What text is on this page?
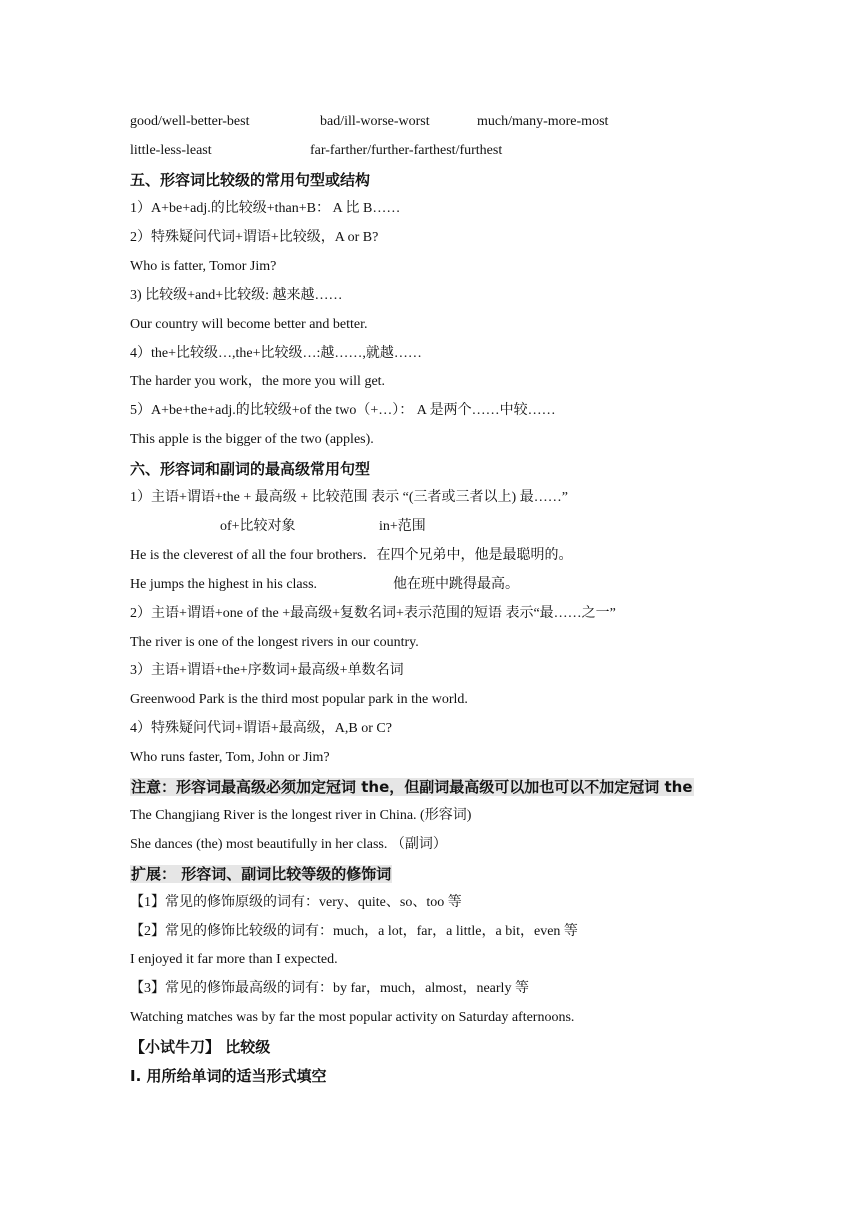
good/well-better-best	bad/ill-worse-worst	much/many-more-most
little-less-least	far-farther/further-farthest/furthest
五、形容词比较级的常用句型或结构
1）A+be+adj.的比较级+than+B： A 比 B……
2）特殊疑问代词+谓语+比较级，A or B?
Who is fatter, Tomor Jim?
3) 比较级+and+比较级: 越来越……
Our country will become better and better.
4）the+比较级…,the+比较级…:越……,就越……
The harder you work，the more you will get.
5）A+be+the+adj.的比较级+of the two（+…）： A 是两个……中较……
This apple is the bigger of the two (apples).
六、形容词和副词的最高级常用句型
1）主语+谓语+the + 最高级 + 比较范围 表示 “(三者或三者以上) 最……”
of+比较对象	in+范围
He is the cleverest of all the four brothers．在四个兄弟中，他是最聪明的。
He jumps the highest in his class.	他在班中跳得最高。
2）主语+谓语+one of the +最高级+复数名词+表示范围的短语 表示“最……之一”
The river is one of the longest rivers in our country.
3）主语+谓语+the+序数词+最高级+单数名词
Greenwood Park is the third most popular park in the world.
4）特殊疑问代词+谓语+最高级，A,B or C?
Who runs faster, Tom, John or Jim?
注意：形容词最高级必须加定冠词 the，但副词最高级可以加也可以不加定冠词 the
The Changjiang River is the longest river in China. (形容词)
She dances (the) most beautifully in her class. （副词）
扩展： 形容词、副词比较等级的修饰词
【1】常见的修饰原级的词有：very、quite、so、too 等
【2】常见的修饰比较级的词有：much，a lot，far，a little，a bit，even 等
I enjoyed it far more than I expected.
【3】常见的修饰最高级的词有：by far，much，almost，nearly 等
Watching matches was by far the most popular activity on Saturday afternoons.
【小试牛刀】 比较级
I. 用所给单词的适当形式填空
